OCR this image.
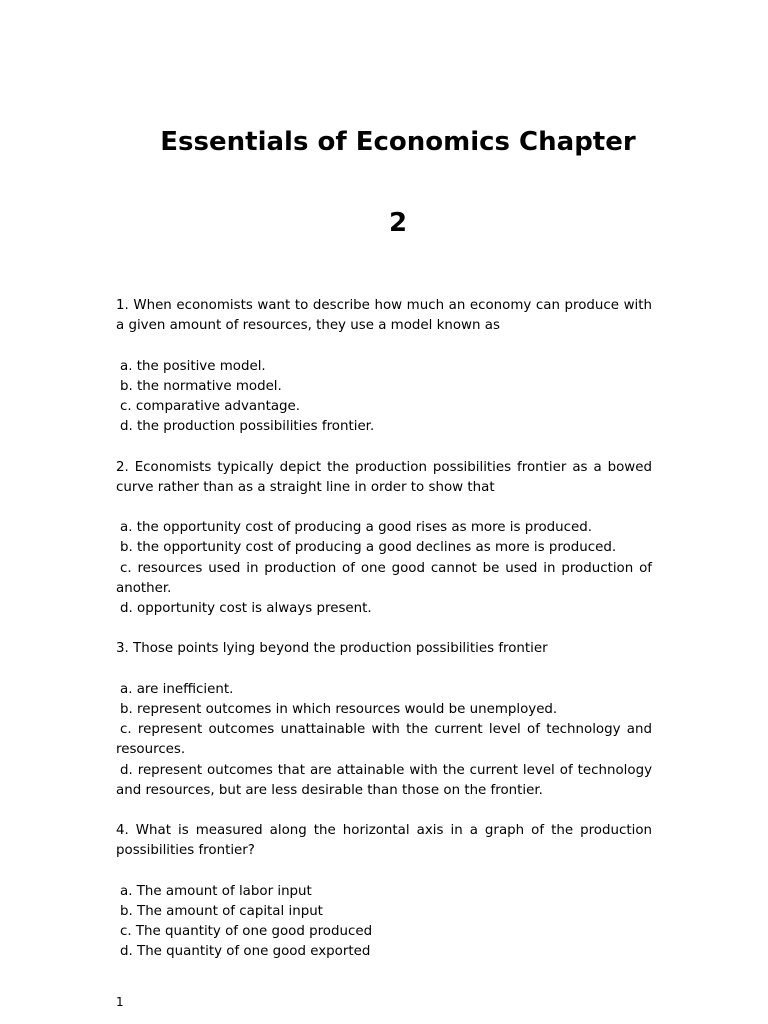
Essentials of Economics Chapter
2

1. When economists want to describe how much an economy can produce with a given amount of resources, they use a model known as

a. the positive model.

b. the normative model.

c. comparative advantage.

d. the production possibilities frontier.

2. Economists typically depict the production possibilities frontier as a bowed curve rather than as a straight line in order to show that

a. the opportunity cost of producing a good rises as more is produced.

b. the opportunity cost of producing a good declines as more is produced.

c. resources used in production of one good cannot be used in production of another.

d. opportunity cost is always present.

3. Those points lying beyond the production possibilities frontier

a. are inefficient.

b. represent outcomes in which resources would be unemployed.

c. represent outcomes unattainable with the current level of technology and resources.

d. represent outcomes that are attainable with the current level of technology and resources, but are less desirable than those on the frontier.

4. What is measured along the horizontal axis in a graph of the production possibilities frontier?

a. The amount of labor input

b. The amount of capital input

c. The quantity of one good produced

d. The quantity of one good exported

1
